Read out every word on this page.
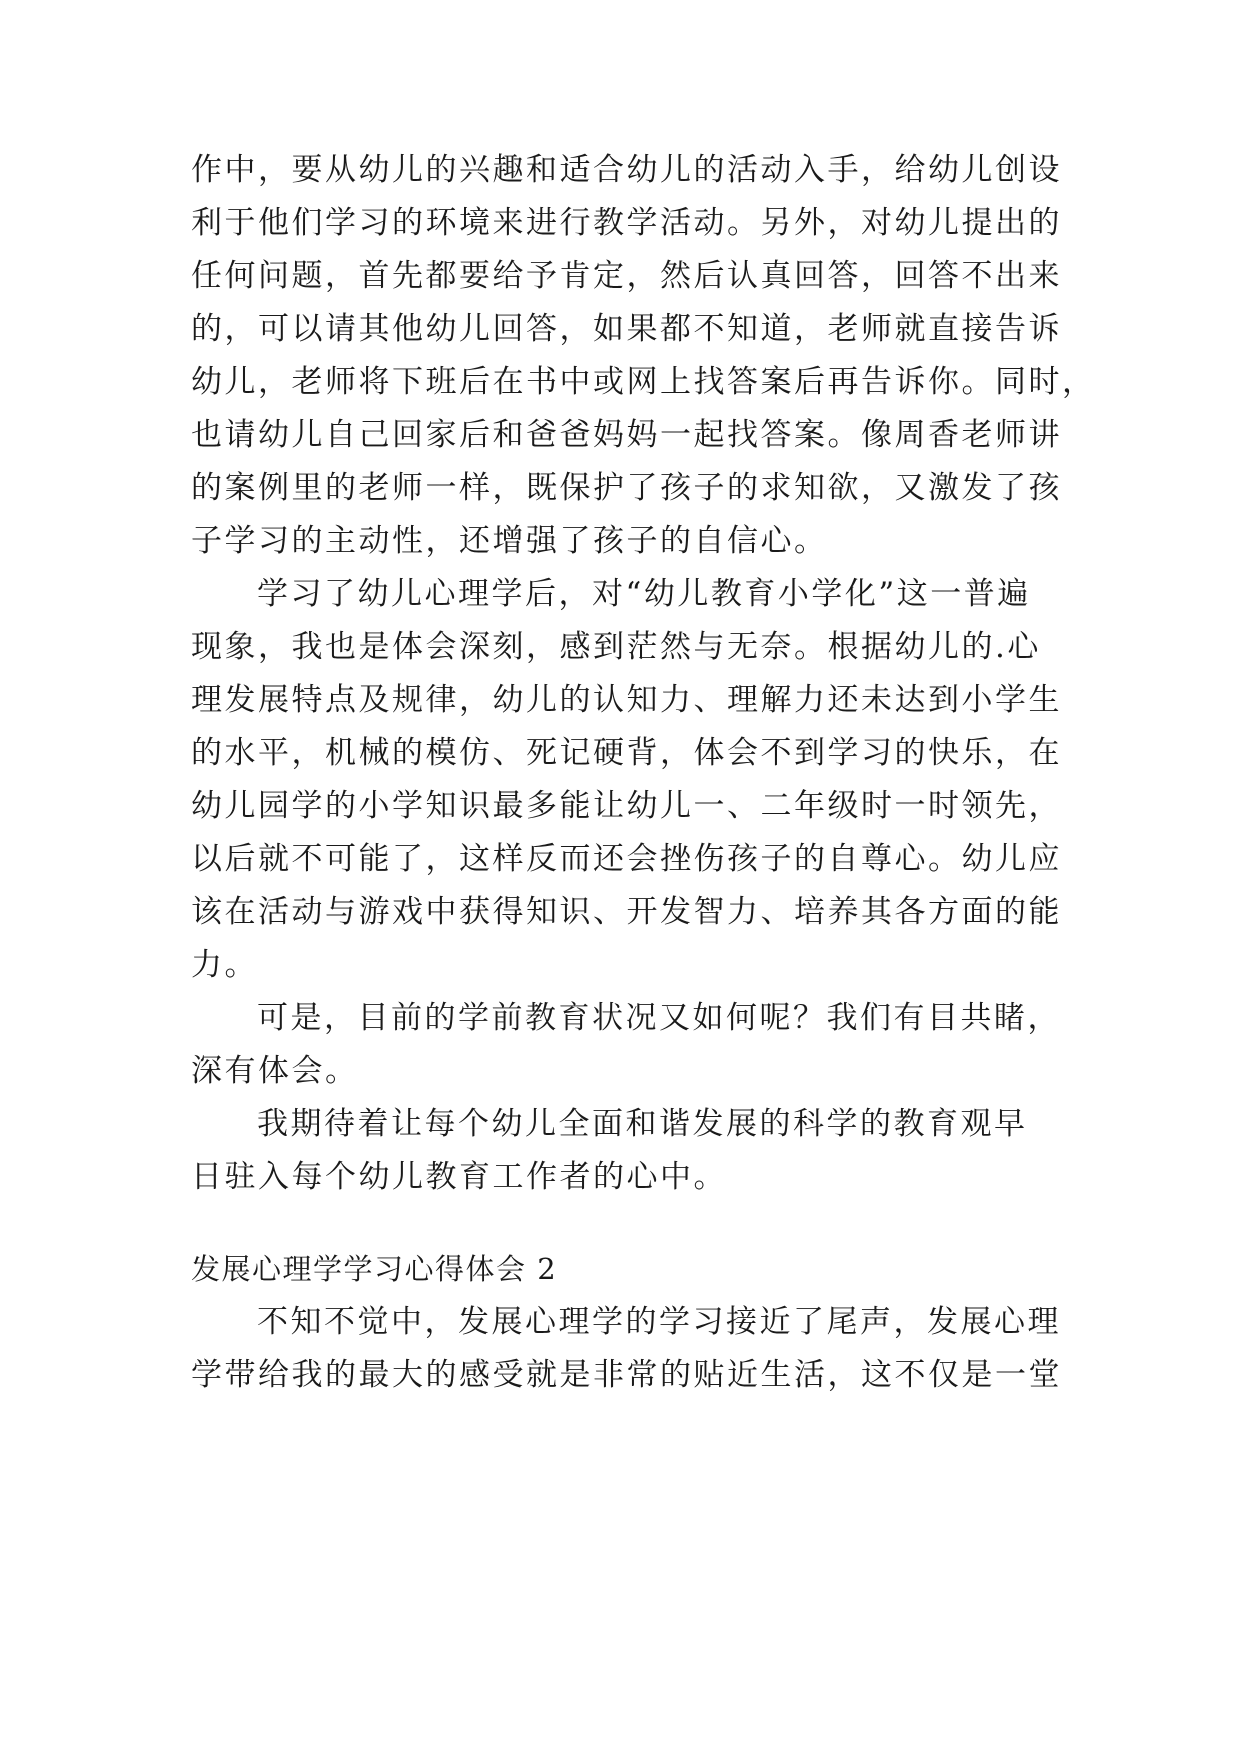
作中，要从幼儿的兴趣和适合幼儿的活动入手，给幼儿创设
利于他们学习的环境来进行教学活动。另外，对幼儿提出的
任何问题，首先都要给予肯定，然后认真回答，回答不出来
的，可以请其他幼儿回答，如果都不知道，老师就直接告诉
幼儿，老师将下班后在书中或网上找答案后再告诉你。同时，
也请幼儿自己回家后和爸爸妈妈一起找答案。像周香老师讲
的案例里的老师一样，既保护了孩子的求知欲，又激发了孩
子学习的主动性，还增强了孩子的自信心。
学习了幼儿心理学后，对“幼儿教育小学化”这一普遍
现象，我也是体会深刻，感到茫然与无奈。根据幼儿的.心
理发展特点及规律，幼儿的认知力、理解力还未达到小学生
的水平，机械的模仿、死记硬背，体会不到学习的快乐，在
幼儿园学的小学知识最多能让幼儿一、二年级时一时领先，
以后就不可能了，这样反而还会挫伤孩子的自尊心。幼儿应
该在活动与游戏中获得知识、开发智力、培养其各方面的能
力。
可是，目前的学前教育状况又如何呢？我们有目共睹，
深有体会。
我期待着让每个幼儿全面和谐发展的科学的教育观早
日驻入每个幼儿教育工作者的心中。
发展心理学学习心得体会 2
不知不觉中，发展心理学的学习接近了尾声，发展心理
学带给我的最大的感受就是非常的贴近生活，这不仅是一堂
